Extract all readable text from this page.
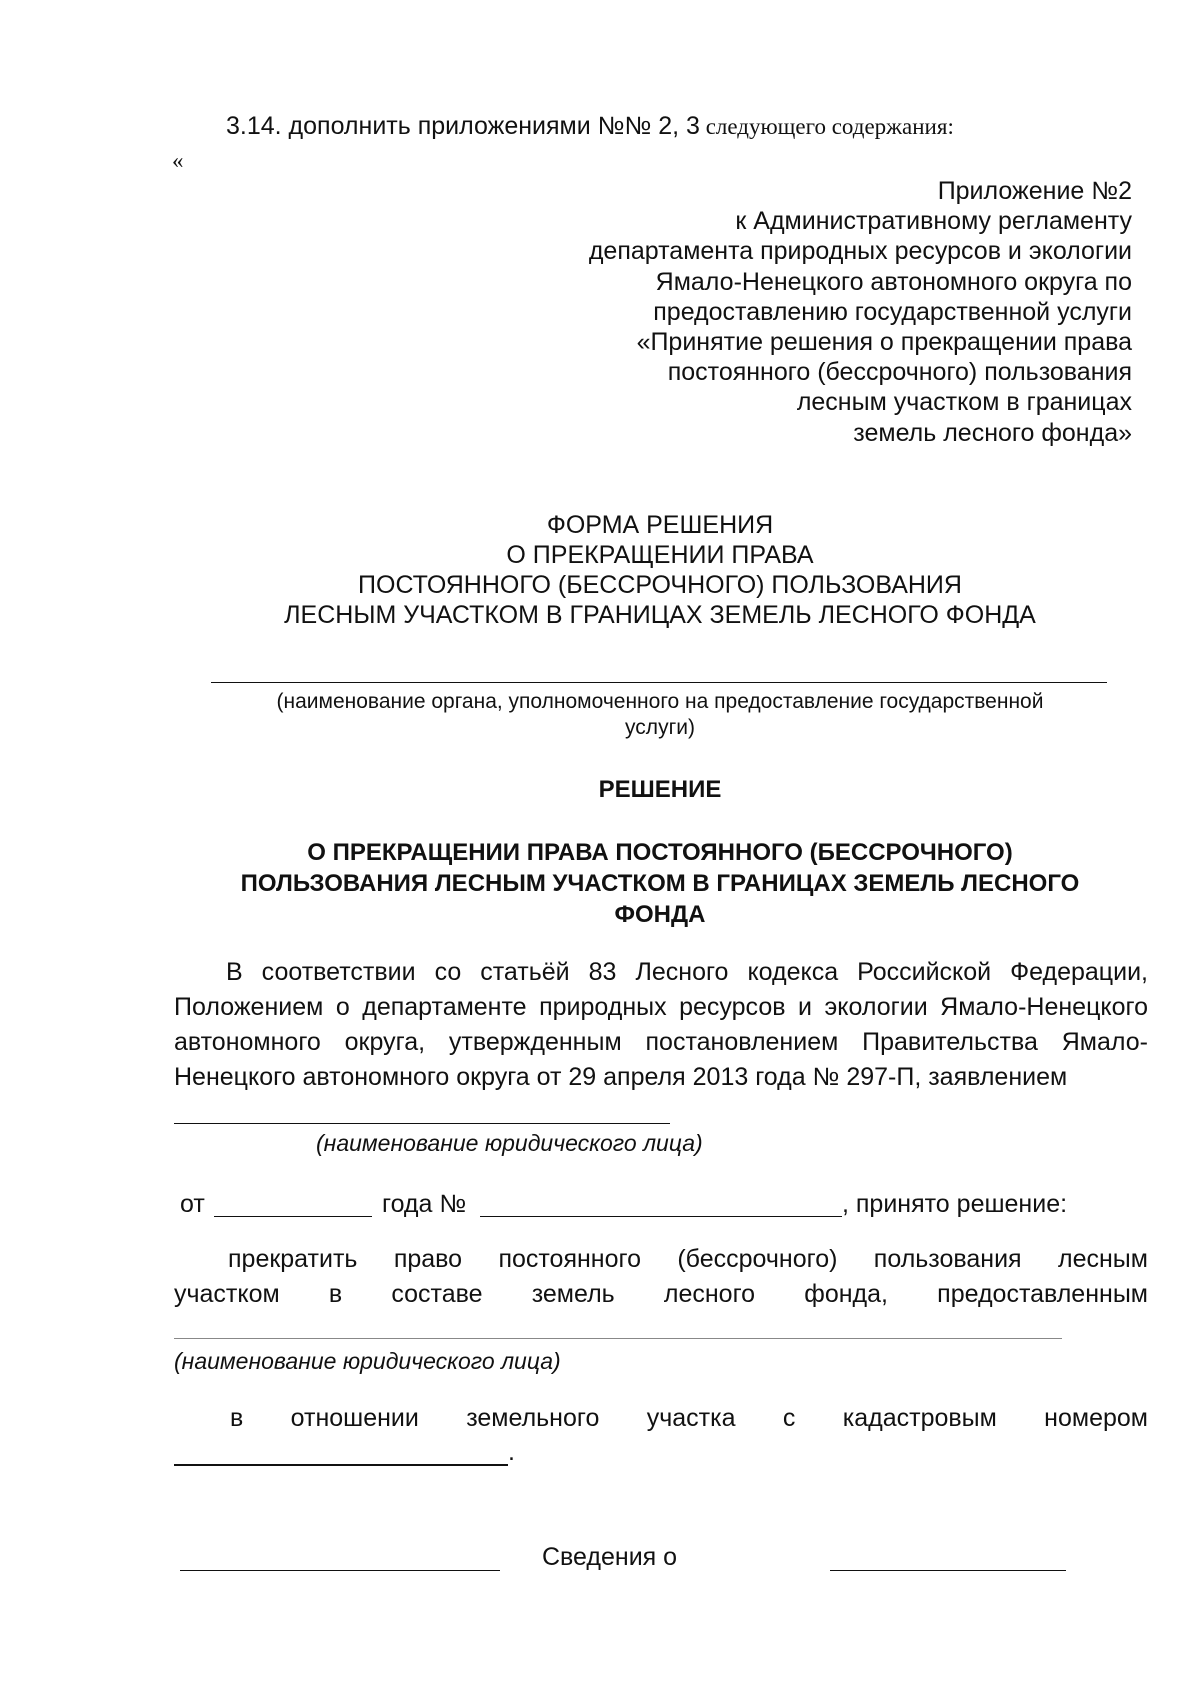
3.14. дополнить приложениями №№ 2, 3 следующего содержания:
«
Приложение №2
к Административному регламенту
департамента природных ресурсов и экологии
Ямало-Ненецкого автономного округа по
предоставлению государственной услуги
«Принятие решения о прекращении права
постоянного (бессрочного) пользования
лесным участком в границах
земель лесного фонда»
ФОРМА РЕШЕНИЯ
О ПРЕКРАЩЕНИИ ПРАВА
ПОСТОЯННОГО (БЕССРОЧНОГО) ПОЛЬЗОВАНИЯ
ЛЕСНЫМ УЧАСТКОМ В ГРАНИЦАХ ЗЕМЕЛЬ ЛЕСНОГО ФОНДА
(наименование органа, уполномоченного на предоставление государственной
услуги)
РЕШЕНИЕ
О ПРЕКРАЩЕНИИ ПРАВА ПОСТОЯННОГО (БЕССРОЧНОГО)
ПОЛЬЗОВАНИЯ ЛЕСНЫМ УЧАСТКОМ В ГРАНИЦАХ ЗЕМЕЛЬ ЛЕСНОГО
ФОНДА
В соответствии со статьёй 83 Лесного кодекса Российской Федерации, Положением о департаменте природных ресурсов и экологии Ямало-Ненецкого автономного округа, утвержденным постановлением Правительства Ямало-Ненецкого автономного округа от 29 апреля 2013 года № 297-П, заявлением
(наименование юридического лица)
от	года №	, принято решение:
прекратить право постоянного (бессрочного) пользования лесным
участком в составе земель лесного фонда, предоставленным
(наименование юридического лица)
в отношении земельного участка с кадастровым номером
.
Сведения о
